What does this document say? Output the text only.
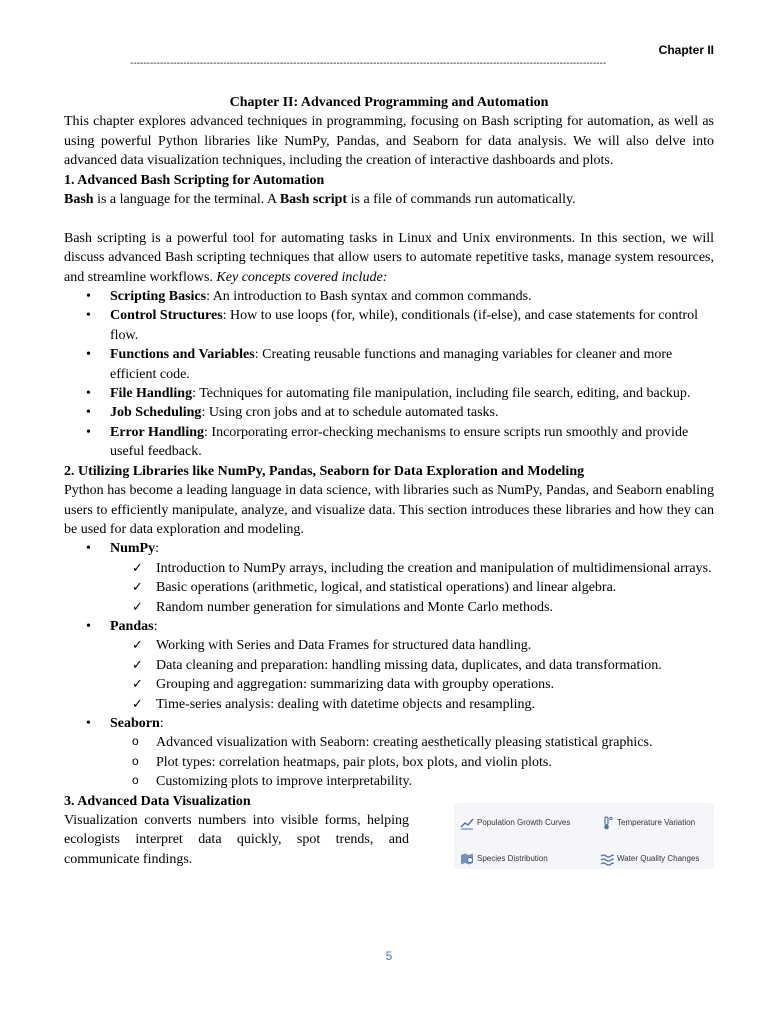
Chapter II
-----------------------------------------------------------------------------------------------------------------------------------------------

Chapter II: Advanced Programming and Automation

This chapter explores advanced techniques in programming, focusing on Bash scripting for automation, as well as using powerful Python libraries like NumPy, Pandas, and Seaborn for data analysis. We will also delve into advanced data visualization techniques, including the creation of interactive dashboards and plots.

1. Advanced Bash Scripting for Automation

Bash is a language for the terminal. A Bash script is a file of commands run automatically.

Bash scripting is a powerful tool for automating tasks in Linux and Unix environments. In this section, we will discuss advanced Bash scripting techniques that allow users to automate repetitive tasks, manage system resources, and streamline workflows. Key concepts covered include:

• Scripting Basics: An introduction to Bash syntax and common commands.
• Control Structures: How to use loops (for, while), conditionals (if-else), and case statements for control flow.
• Functions and Variables: Creating reusable functions and managing variables for cleaner and more efficient code.
• File Handling: Techniques for automating file manipulation, including file search, editing, and backup.
• Job Scheduling: Using cron jobs and at to schedule automated tasks.
• Error Handling: Incorporating error-checking mechanisms to ensure scripts run smoothly and provide useful feedback.

2. Utilizing Libraries like NumPy, Pandas, Seaborn for Data Exploration and Modeling

Python has become a leading language in data science, with libraries such as NumPy, Pandas, and Seaborn enabling users to efficiently manipulate, analyze, and visualize data. This section introduces these libraries and how they can be used for data exploration and modeling.

• NumPy:
✓ Introduction to NumPy arrays, including the creation and manipulation of multidimensional arrays.
✓ Basic operations (arithmetic, logical, and statistical operations) and linear algebra.
✓ Random number generation for simulations and Monte Carlo methods.
• Pandas:
✓ Working with Series and Data Frames for structured data handling.
✓ Data cleaning and preparation: handling missing data, duplicates, and data transformation.
✓ Grouping and aggregation: summarizing data with groupby operations.
✓ Time-series analysis: dealing with datetime objects and resampling.
• Seaborn:
o Advanced visualization with Seaborn: creating aesthetically pleasing statistical graphics.
o Plot types: correlation heatmaps, pair plots, box plots, and violin plots.
o Customizing plots to improve interpretability.

3. Advanced Data Visualization

Visualization converts numbers into visible forms, helping ecologists interpret data quickly, spot trends, and communicate findings.

Population Growth Curves	Temperature Variation
Species Distribution	Water Quality Changes
5
